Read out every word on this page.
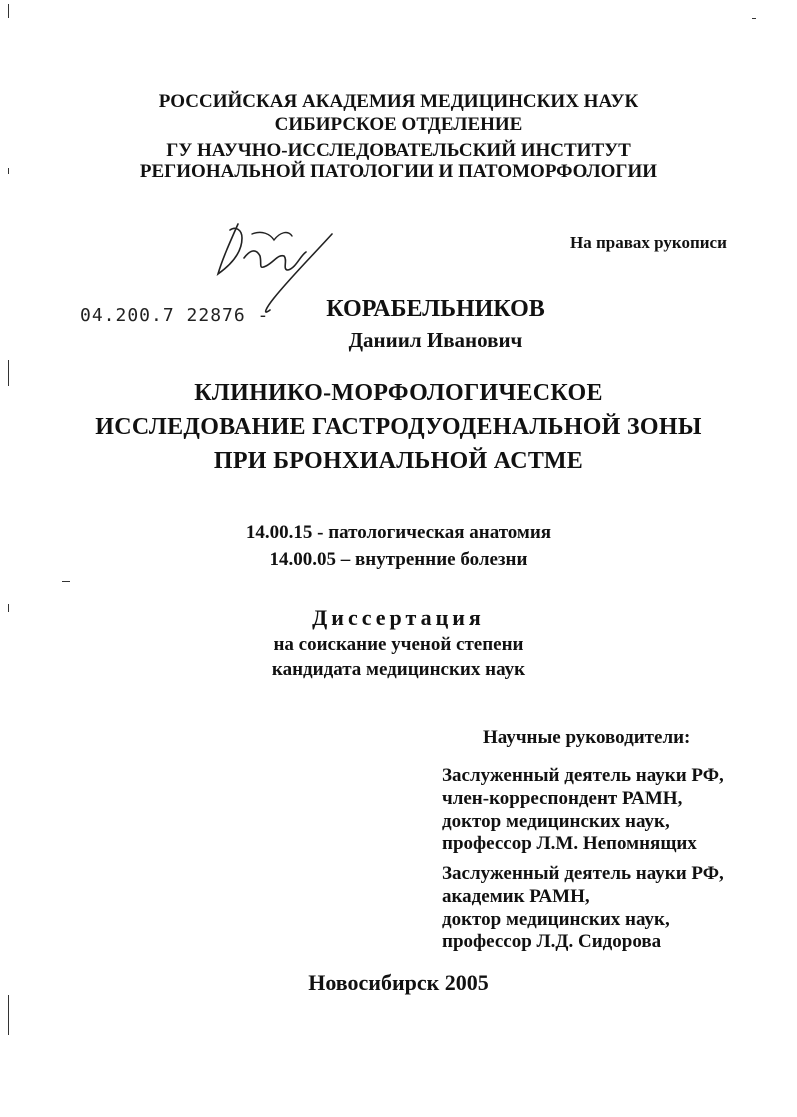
РОССИЙСКАЯ АКАДЕМИЯ МЕДИЦИНСКИХ НАУК
СИБИРСКОЕ ОТДЕЛЕНИЕ
ГУ НАУЧНО-ИССЛЕДОВАТЕЛЬСКИЙ ИНСТИТУТ
РЕГИОНАЛЬНОЙ ПАТОЛОГИИ И ПАТОМОРФОЛОГИИ
На правах рукописи
04.200.7 22876 -	КОРАБЕЛЬНИКОВ
Даниил Иванович
КЛИНИКО-МОРФОЛОГИЧЕСКОЕ
ИССЛЕДОВАНИЕ ГАСТРОДУОДЕНАЛЬНОЙ ЗОНЫ
ПРИ БРОНХИАЛЬНОЙ АСТМЕ
14.00.15 - патологическая анатомия
14.00.05 – внутренние болезни
Диссертация
на соискание ученой степени
кандидата медицинских наук
Научные руководители:
Заслуженный деятель науки РФ,
член-корреспондент РАМН,
доктор медицинских наук,
профессор Л.М. Непомнящих
Заслуженный деятель науки РФ,
академик РАМН,
доктор медицинских наук,
профессор Л.Д. Сидорова
Новосибирск 2005
